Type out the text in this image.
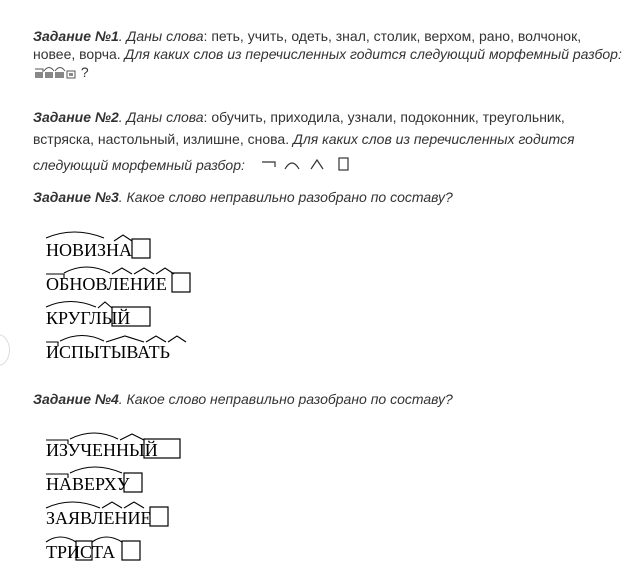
Задание №1. Даны слова: петь, учить, одеть, знал, столик, верхом, рано, волчонок, новее, ворча. Для каких слов из перечисленных годится следующий морфемный разбор:  ?
Задание №2. Даны слова: обучить, приходила, узнали, подоконник, треугольник, встряска, настольный, излишне, снова. Для каких слов из перечисленных годится следующий морфемный разбор:
Задание №3. Какое слово неправильно разобрано по составу?
НОВИЗНА
ОБНОВЛЕНИЕ
КРУГЛЫЙ
ИСПЫТЫВАТЬ
Задание №4. Какое слово неправильно разобрано по составу?
ИЗУЧЕННЫЙ
НАВЕРХУ
ЗАЯВЛЕНИЕ
ТРИСТА
